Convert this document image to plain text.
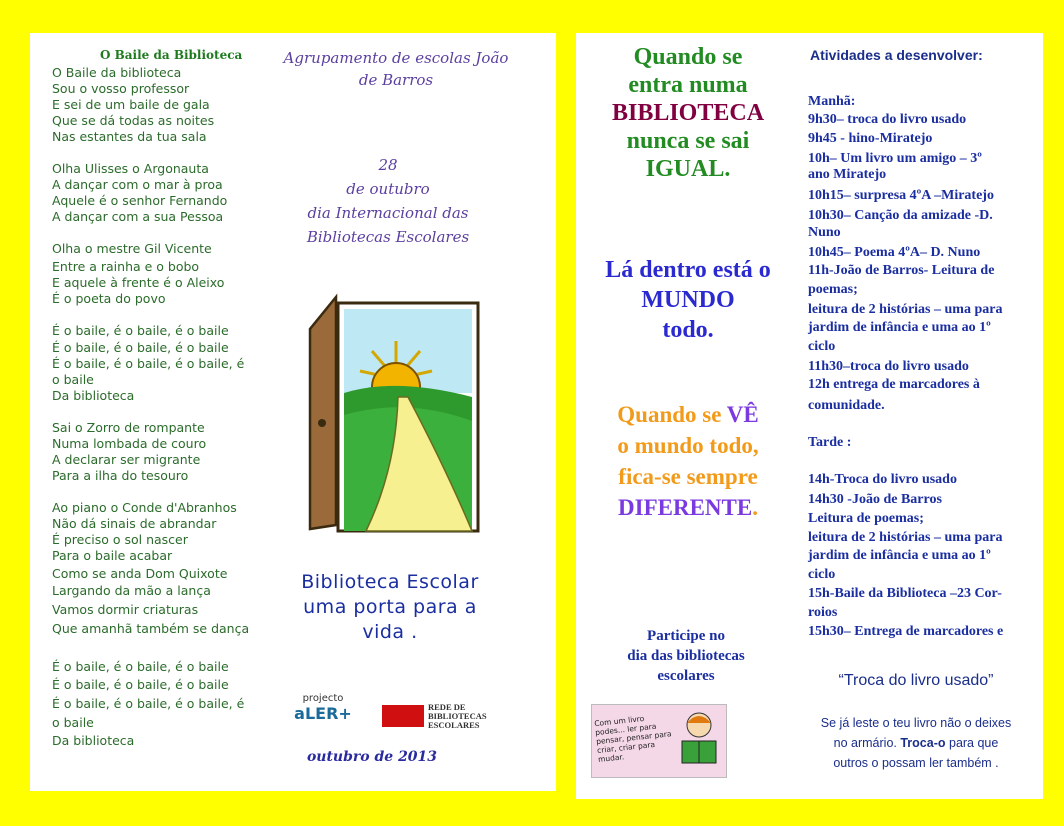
O Baile da Biblioteca
O Baile da biblioteca
Sou o vosso professor
E sei de um baile de gala
Que se dá todas as noites
Nas estantes da tua sala
Olha Ulisses o Argonauta
A dançar com o mar à proa
Aquele é o senhor Fernando
A dançar com a sua Pessoa
Olha o mestre Gil Vicente
Entre a rainha e o bobo
E aquele à frente é o Aleixo
É o poeta do povo
É o baile, é o baile, é o baile
É o baile, é o baile, é o baile
É o baile, é o baile, é o baile, é
o baile
Da biblioteca
Sai o Zorro de rompante
Numa lombada de couro
A declarar ser migrante
Para a ilha do tesouro
Ao piano o Conde d'Abranhos
Não dá sinais de abrandar
É preciso o sol nascer
Para o baile acabar
Como se anda Dom Quixote
Largando da mão a lança
Vamos dormir criaturas
Que amanhã também se dança
É o baile, é o baile, é o baile
É o baile, é o baile, é o baile
É o baile, é o baile, é o baile, é
o baile
Da biblioteca
Agrupamento de escolas João
de Barros
28
de outubro
dia Internacional das
Bibliotecas Escolares
Biblioteca Escolar
uma porta para a
vida .
projecto
aLER+	REDE DE
BIBLIOTECAS
ESCOLARES
outubro de 2013
Quando se
entra numa
BIBLIOTECA
nunca se sai
IGUAL.
Lá dentro está o
MUNDO
todo.
Quando se VÊ
o mundo todo,
fica-se sempre
DIFERENTE.
Participe no
dia das bibliotecas
escolares
Com um livro podes... ler para pensar, pensar para criar, criar para mudar.
Atividades a desenvolver:
Manhã:
9h30– troca do livro usado
9h45 - hino-Miratejo
10h– Um livro um amigo – 3º
ano Miratejo
10h15– surpresa 4ºA –Miratejo
10h30– Canção da amizade -D.
Nuno
10h45– Poema 4ºA– D. Nuno
11h-João de Barros- Leitura de
poemas;
leitura de 2 histórias – uma para
jardim de infância e uma ao 1º
ciclo
11h30–troca do livro usado
12h entrega de marcadores à
comunidade.
Tarde :
14h-Troca do livro usado
14h30 -João de Barros
Leitura de poemas;
leitura de 2 histórias – uma para
jardim de infância e uma ao 1º
ciclo
15h-Baile da Biblioteca –23 Cor-
roios
15h30– Entrega de marcadores e
“Troca do livro usado”
Se já leste o teu livro não o deixes
no armário. Troca-o para que
outros o possam ler também .
